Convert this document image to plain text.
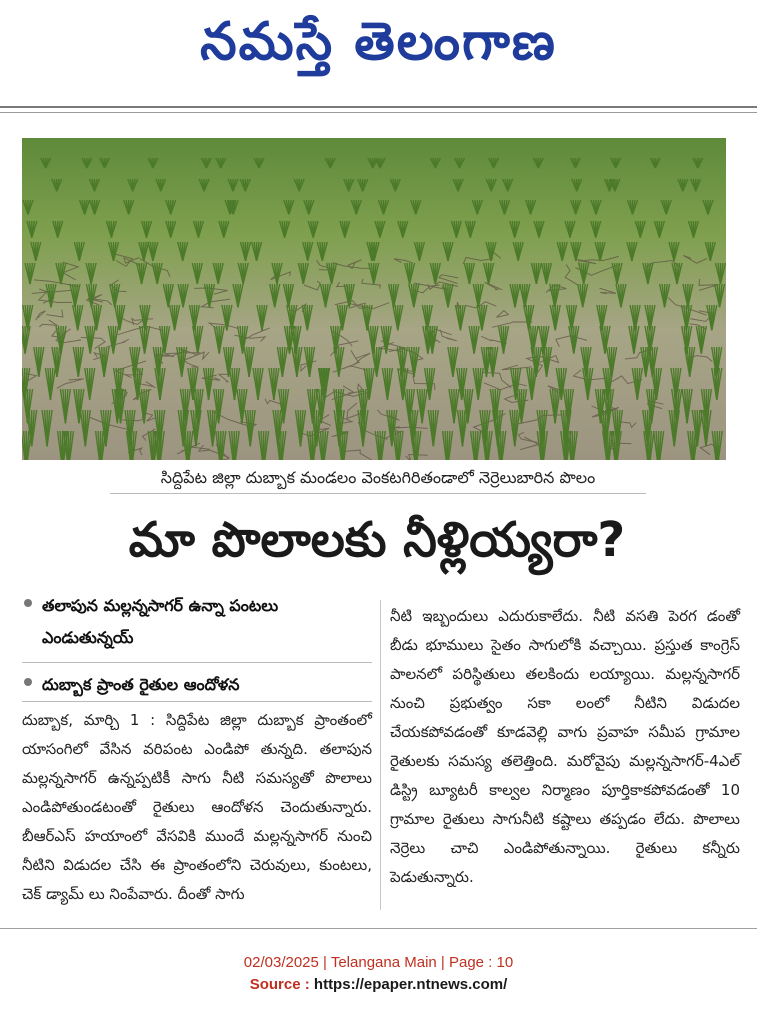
నమస్తే తెలంగాణ
సిద్దిపేట జిల్లా దుబ్బాక మండలం వెంకటగిరితండాలో నెర్రెలుబారిన పొలం
మా పొలాలకు నీళ్లియ్యరా?
తలాపున మల్లన్నసాగర్ ఉన్నా పంటలు ఎండుతున్నయ్
దుబ్బాక ప్రాంత రైతుల ఆందోళన
దుబ్బాక, మార్చి 1 : సిద్దిపేట జిల్లా దుబ్బాక ప్రాంతంలో యాసంగిలో వేసిన వరిపంట ఎండిపో తున్నది. తలాపున మల్లన్నసాగర్ ఉన్నప్పటికీ సాగు నీటి సమస్యతో పొలాలు ఎండిపోతుండటంతో రైతులు ఆందోళన చెందుతున్నారు. బీఆర్ఎస్ హయాంలో వేసవికి ముందే మల్లన్నసాగర్ నుంచి నీటిని విడుదల చేసి ఈ ప్రాంతంలోని చెరువులు, కుంటలు, చెక్ డ్యామ్ లు నింపేవారు. దీంతో సాగు
నీటి ఇబ్బందులు ఎదురుకాలేదు. నీటి వసతి పెరగ డంతో బీడు భూములు సైతం సాగులోకి వచ్చాయి. ప్రస్తుత కాంగ్రెస్ పాలనలో పరిస్థితులు తలకిందు లయ్యాయి. మల్లన్నసాగర్ నుంచి ప్రభుత్వం సకా లంలో నీటిని విడుదల చేయకపోవడంతో కూడవెల్లి వాగు ప్రవాహ సమీప గ్రామాల రైతులకు సమస్య తలెత్తింది. మరోవైపు మల్లన్నసాగర్-4ఎల్ డిస్ట్రి బ్యూటరీ కాల్వల నిర్మాణం పూర్తికాకపోవడంతో 10 గ్రామాల రైతులు సాగునీటి కష్టాలు తప్పడం లేదు. పొలాలు నెర్రెలు చాచి ఎండిపోతున్నాయి. రైతులు కన్నీరు పెడుతున్నారు.
02/03/2025 | Telangana Main | Page : 10
Source : https://epaper.ntnews.com/
